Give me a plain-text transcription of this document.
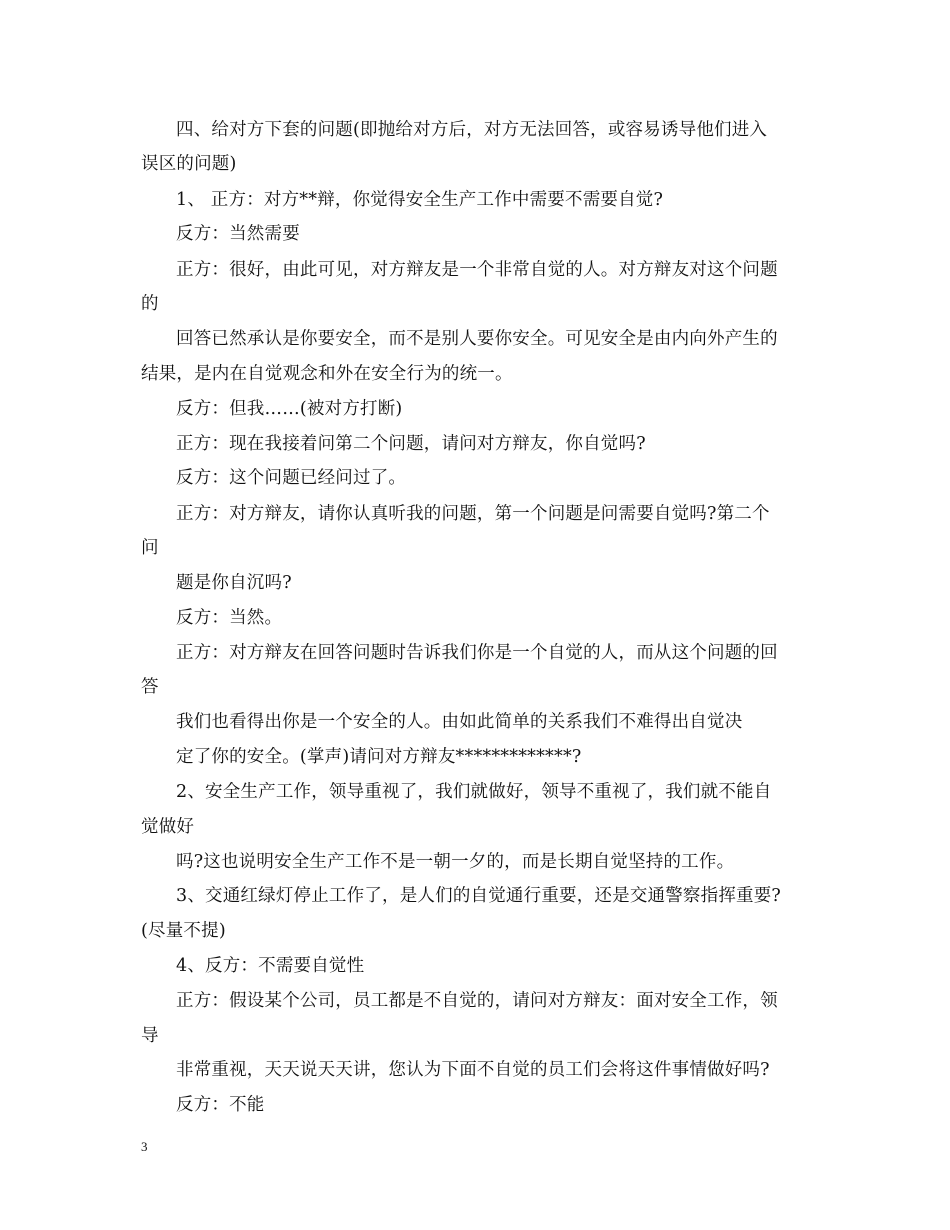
四、给对方下套的问题(即抛给对方后，对方无法回答，或容易诱导他们进入
误区的问题)
1、 正方：对方**辩，你觉得安全生产工作中需要不需要自觉?
反方：当然需要
正方：很好，由此可见，对方辩友是一个非常自觉的人。对方辩友对这个问题
的
回答已然承认是你要安全，而不是别人要你安全。可见安全是由内向外产生的
结果，是内在自觉观念和外在安全行为的统一。
反方：但我……(被对方打断)
正方：现在我接着问第二个问题，请问对方辩友，你自觉吗?
反方：这个问题已经问过了。
正方：对方辩友，请你认真听我的问题，第一个问题是问需要自觉吗?第二个
问
题是你自沉吗?
反方：当然。
正方：对方辩友在回答问题时告诉我们你是一个自觉的人，而从这个问题的回
答
我们也看得出你是一个安全的人。由如此简单的关系我们不难得出自觉决
定了你的安全。(掌声)请问对方辩友*************?
2、安全生产工作，领导重视了，我们就做好，领导不重视了，我们就不能自
觉做好
吗?这也说明安全生产工作不是一朝一夕的，而是长期自觉坚持的工作。
3、交通红绿灯停止工作了，是人们的自觉通行重要，还是交通警察指挥重要?
(尽量不提)
4、反方：不需要自觉性
正方：假设某个公司，员工都是不自觉的，请问对方辩友：面对安全工作，领
导
非常重视，天天说天天讲，您认为下面不自觉的员工们会将这件事情做好吗?
反方：不能
3
